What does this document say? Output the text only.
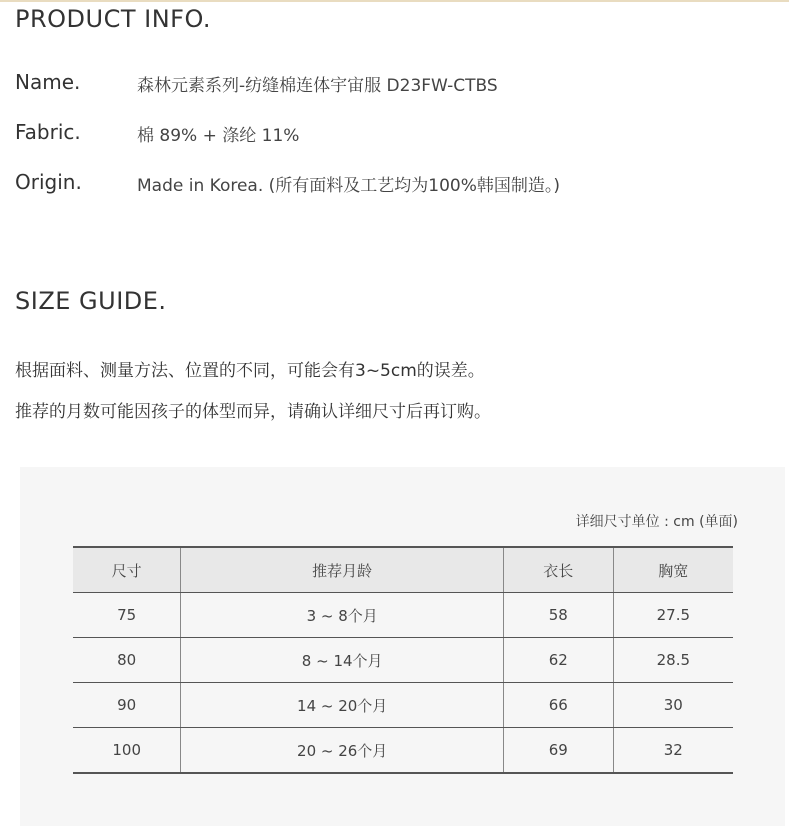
PRODUCT INFO.
Name.	森林元素系列-纺缝棉连体宇宙服 D23FW-CTBS
Fabric.	棉 89% + 涤纶 11%
Origin.	Made in Korea. (所有面料及工艺均为100%韩国制造。)
SIZE GUIDE.
根据面料、测量方法、位置的不同，可能会有3~5cm的误差。
推荐的月数可能因孩子的体型而异，请确认详细尺寸后再订购。
详细尺寸单位 : cm (单面)
尺寸	推荐月龄	衣长	胸宽
75	3 ~ 8个月	58	27.5
80	8 ~ 14个月	62	28.5
90	14 ~ 20个月	66	30
100	20 ~ 26个月	69	32
